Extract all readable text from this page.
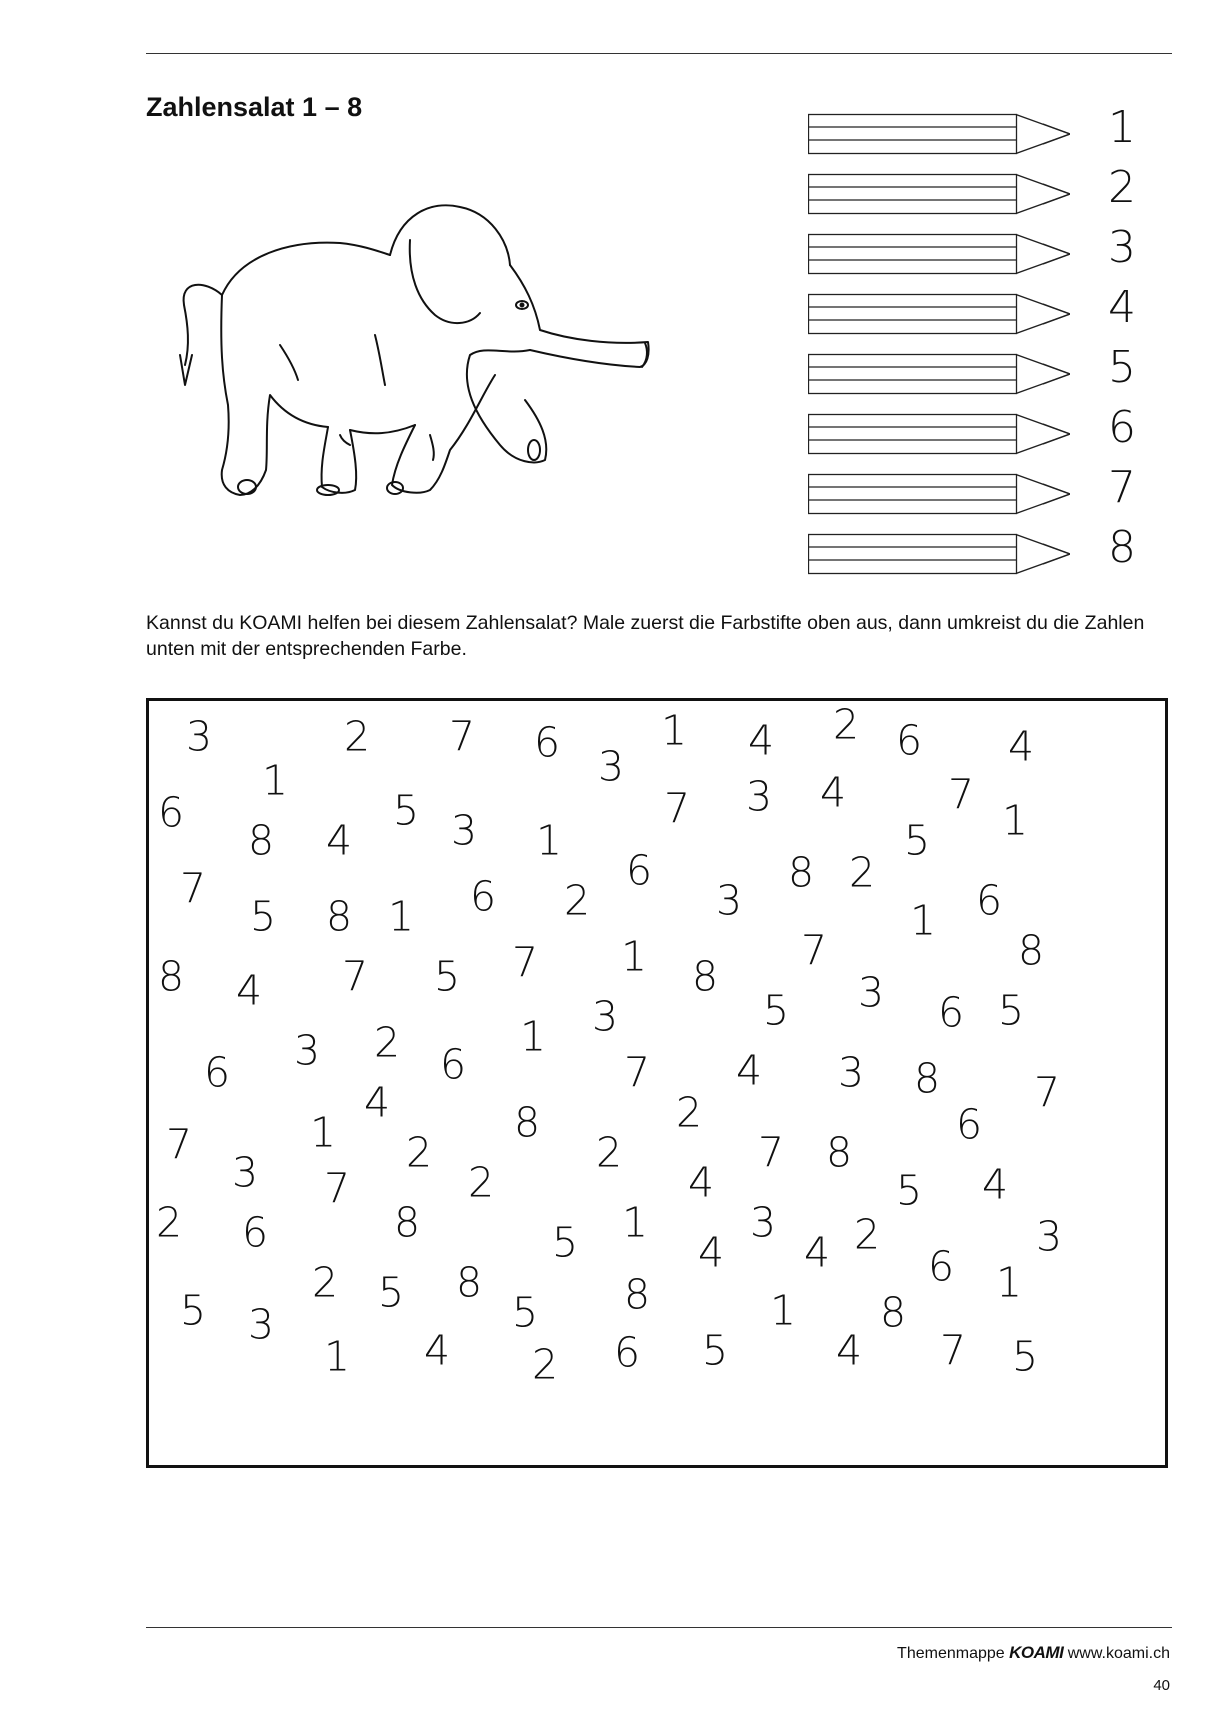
Zahlensalat 1 – 8	1
2
3
4
5
6
7
8

Kannst du KOAMI helfen bei diesem Zahlensalat? Male zuerst die Farbstifte oben aus, dann umkreist du die Zahlen unten mit der entsprechenden Farbe.

3	2 7 6 1 4 2 6 4
3
6
1
5
8 4 3 1
7 3 4 7
5 1
7
5 8 1 6 2
6	8 2
3	1 6
8 4 7 5 7 1 8
7
5 3 6 5
8
6 3 2 6
1 3
7 4 3 8 7
7	1
4	8
2
2
2	7
6
3 7	2	4
8
5 4
2 6	8	5 1
4
3
4 2	3
5
2 5 8
5 8	1 8
6 1
3
1 4 2 6 5	4 7 5
Themenmappe KOAMI www.koami.ch
40
